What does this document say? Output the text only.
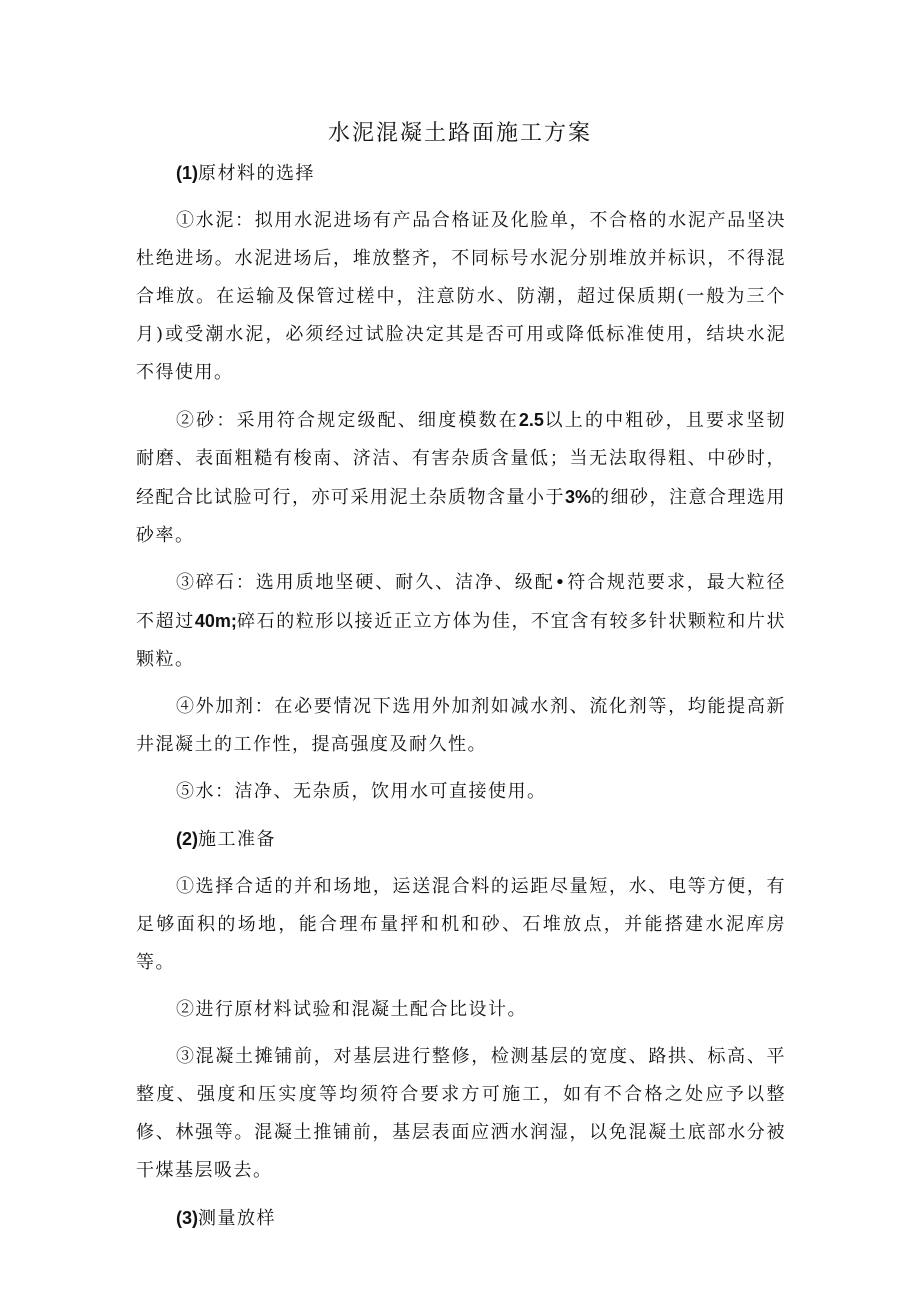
水泥混凝土路面施工方案

(1)原材料的选择

①水泥：拟用水泥进场有产品合格证及化脸单，不合格的水泥产品坚决杜绝进场。水泥进场后，堆放整齐，不同标号水泥分别堆放并标识，不得混合堆放。在运输及保管过槎中，注意防水、防潮，超过保质期(一般为三个月)或受潮水泥，必须经过试脸决定其是否可用或降低标准使用，结块水泥不得使用。

②砂：采用符合规定级配、细度模数在2.5以上的中粗砂，且要求坚韧耐磨、表面粗糙有梭南、济洁、有害杂质含量低；当无法取得粗、中砂时，经配合比试脸可行，亦可采用泥土杂质物含量小于3%的细砂，注意合理选用砂率。

③碎石：选用质地坚硬、耐久、洁净、级配•符合规范要求，最大粒径不超过40m;碎石的粒形以接近正立方体为佳，不宜含有较多针状颗粒和片状颗粒。

④外加剂：在必要情况下选用外加剂如减水剂、流化剂等，均能提高新井混凝土的工作性，提高强度及耐久性。

⑤水：洁净、无杂质，饮用水可直接使用。

(2)施工准备

①选择合适的并和场地，运送混合料的运距尽量短，水、电等方便，有足够面积的场地，能合理布量抨和机和砂、石堆放点，并能搭建水泥库房等。

②进行原材料试验和混凝土配合比设计。

③混凝土摊铺前，对基层进行整修，检测基层的宽度、路拱、标高、平整度、强度和压实度等均须符合要求方可施工，如有不合格之处应予以整修、林强等。混凝土推铺前，基层表面应洒水润湿，以免混凝土底部水分被干煤基层吸去。

(3)测量放样
